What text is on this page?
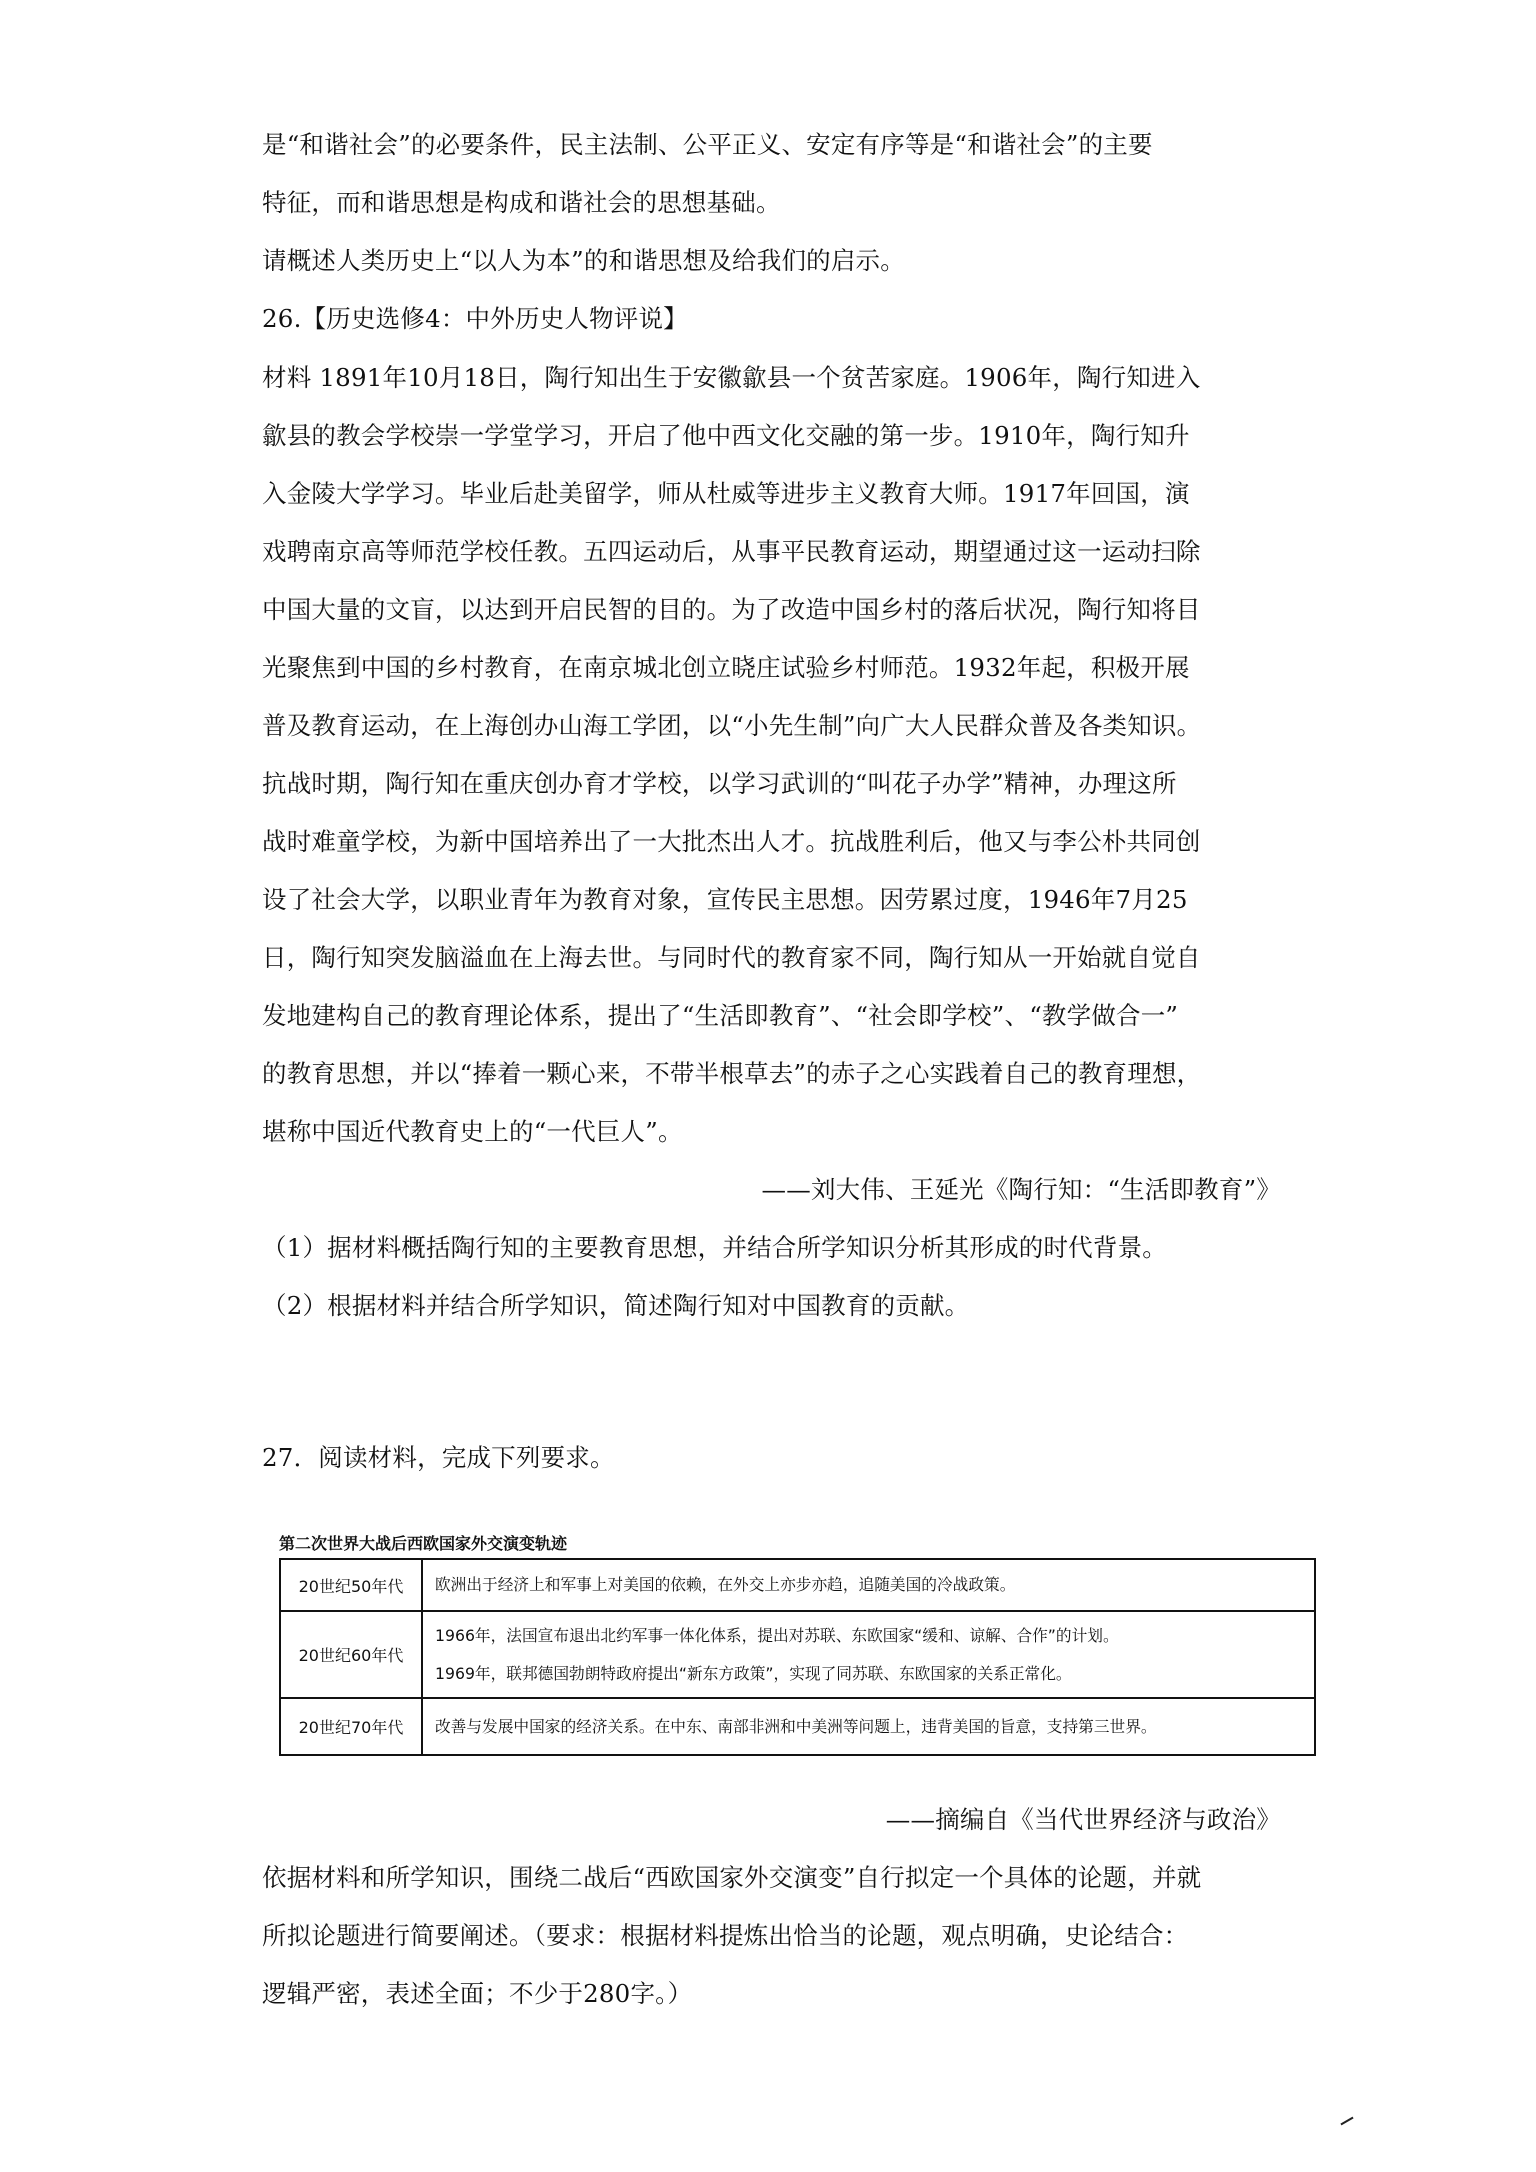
是“和谐社会”的必要条件，民主法制、公平正义、安定有序等是“和谐社会”的主要
特征，而和谐思想是构成和谐社会的思想基础。
请概述人类历史上“以人为本”的和谐思想及给我们的启示。
26.【历史选修4：中外历史人物评说】
材料 1891年10月18日，陶行知出生于安徽歙县一个贫苦家庭。1906年，陶行知进入
歙县的教会学校崇一学堂学习，开启了他中西文化交融的第一步。1910年，陶行知升
入金陵大学学习。毕业后赴美留学，师从杜威等进步主义教育大师。1917年回国，演
戏聘南京高等师范学校任教。五四运动后，从事平民教育运动，期望通过这一运动扫除
中国大量的文盲，以达到开启民智的目的。为了改造中国乡村的落后状况，陶行知将目
光聚焦到中国的乡村教育，在南京城北创立晓庄试验乡村师范。1932年起，积极开展
普及教育运动，在上海创办山海工学团，以“小先生制”向广大人民群众普及各类知识。
抗战时期，陶行知在重庆创办育才学校，以学习武训的“叫花子办学”精神，办理这所
战时难童学校，为新中国培养出了一大批杰出人才。抗战胜利后，他又与李公朴共同创
设了社会大学，以职业青年为教育对象，宣传民主思想。因劳累过度，1946年7月25
日，陶行知突发脑溢血在上海去世。与同时代的教育家不同，陶行知从一开始就自觉自
发地建构自己的教育理论体系，提出了“生活即教育”、“社会即学校”、“教学做合一”
的教育思想，并以“捧着一颗心来，不带半根草去”的赤子之心实践着自己的教育理想，
堪称中国近代教育史上的“一代巨人”。
——刘大伟、王延光《陶行知：“生活即教育”》
（1）据材料概括陶行知的主要教育思想，并结合所学知识分析其形成的时代背景。
（2）根据材料并结合所学知识，简述陶行知对中国教育的贡献。
27．阅读材料，完成下列要求。
第二次世界大战后西欧国家外交演变轨迹
20世纪50年代	欧洲出于经济上和军事上对美国的依赖，在外交上亦步亦趋，追随美国的冷战政策。

20世纪60年代	1966年，法国宣布退出北约军事一体化体系，提出对苏联、东欧国家“缓和、谅解、合作”的计划。
1969年，联邦德国勃朗特政府提出“新东方政策”，实现了同苏联、东欧国家的关系正常化。

20世纪70年代	改善与发展中国家的经济关系。在中东、南部非洲和中美洲等问题上，违背美国的旨意，支持第三世界。
——摘编自《当代世界经济与政治》
依据材料和所学知识，围绕二战后“西欧国家外交演变”自行拟定一个具体的论题，并就
所拟论题进行简要阐述。（要求：根据材料提炼出恰当的论题，观点明确，史论结合：
逻辑严密，表述全面；不少于280字。）
